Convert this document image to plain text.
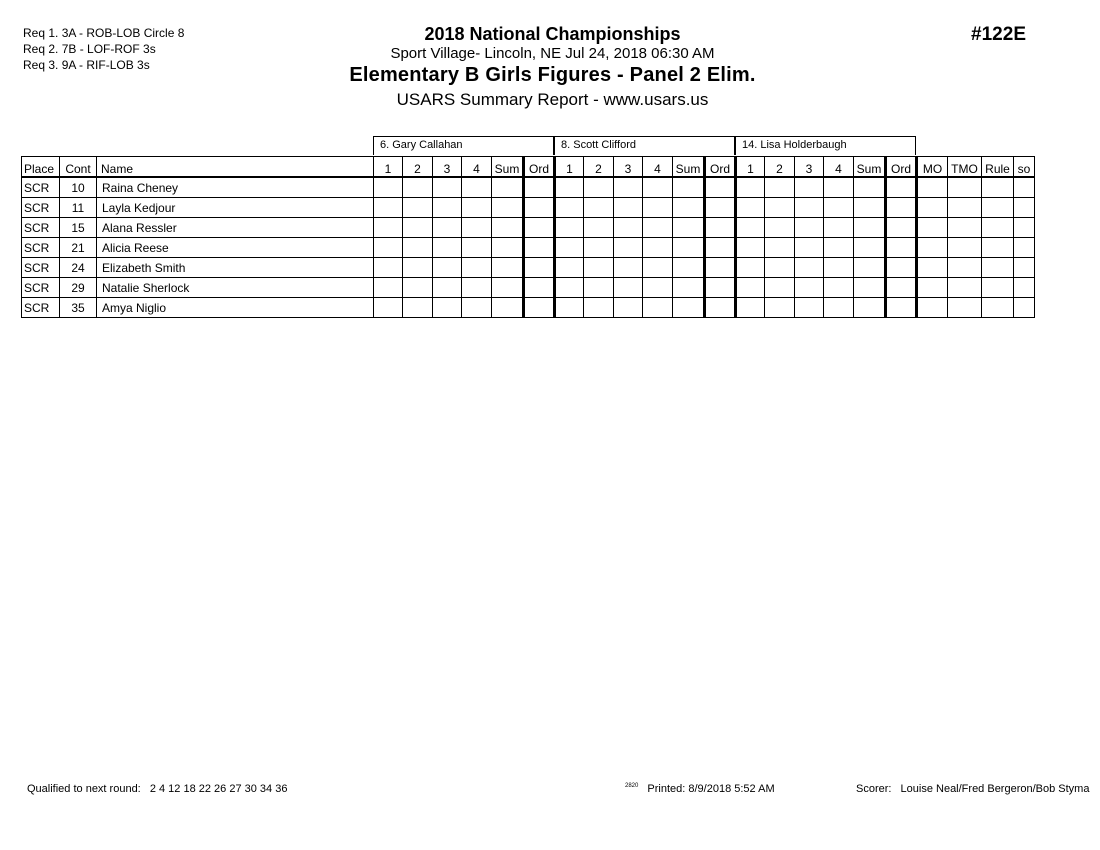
Req 1. 3A - ROB-LOB Circle 8
Req 2. 7B - LOF-ROF 3s
Req 3. 9A - RIF-LOB 3s
2018 National Championships
Sport Village- Lincoln, NE Jul 24, 2018 06:30 AM
Elementary B Girls Figures - Panel 2 Elim.
USARS Summary Report - www.usars.us
#122E
6. Gary Callahan	8. Scott Clifford	14. Lisa Holderbaugh
Place	Cont	Name	1	2	3	4	Sum	Ord	1	2	3	4	Sum	Ord	1	2	3	4	Sum	Ord	MO	TMO	Rule	so
SCR	10	Raina Cheney																						
SCR	11	Layla Kedjour																						
SCR	15	Alana Ressler																						
SCR	21	Alicia Reese																						
SCR	24	Elizabeth Smith																						
SCR	29	Natalie Sherlock																						
SCR	35	Amya Niglio																						
Qualified to next round: 2 4 12 18 22 26 27 30 34 36	$^{2820}$ Printed: 8/9/2018 5:52 AM	Scorer: Louise Neal/Fred Bergeron/Bob Styma
